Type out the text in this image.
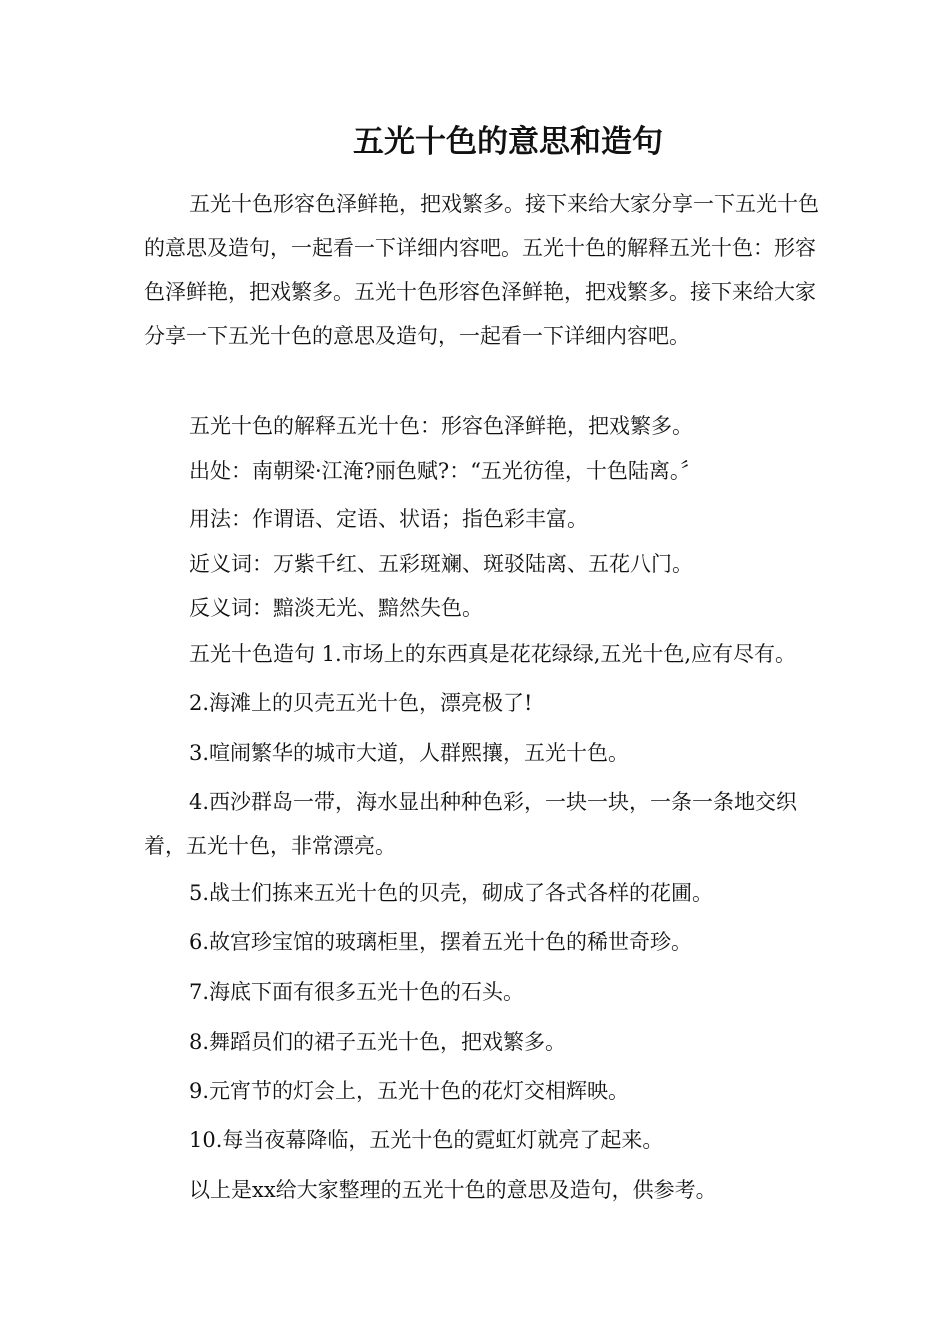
五光十色的意思和造句

五光十色形容色泽鲜艳，把戏繁多。接下来给大家分享一下五光十色的意思及造句，一起看一下详细内容吧。五光十色的解释五光十色：形容色泽鲜艳，把戏繁多。五光十色形容色泽鲜艳，把戏繁多。接下来给大家分享一下五光十色的意思及造句，一起看一下详细内容吧。

五光十色的解释五光十色：形容色泽鲜艳，把戏繁多。

出处：南朝梁·江淹?丽色赋?：“五光彷徨，十色陆离。〞

用法：作谓语、定语、状语；指色彩丰富。

近义词：万紫千红、五彩斑斓、斑驳陆离、五花八门。

反义词：黯淡无光、黯然失色。

五光十色造句 1.市场上的东西真是花花绿绿,五光十色,应有尽有。

2.海滩上的贝壳五光十色，漂亮极了!

3.喧闹繁华的城市大道，人群熙攘，五光十色。

4.西沙群岛一带，海水显出种种色彩，一块一块，一条一条地交织着，五光十色，非常漂亮。

5.战士们拣来五光十色的贝壳，砌成了各式各样的花圃。

6.故宫珍宝馆的玻璃柜里，摆着五光十色的稀世奇珍。

7.海底下面有很多五光十色的石头。

8.舞蹈员们的裙子五光十色，把戏繁多。

9.元宵节的灯会上，五光十色的花灯交相辉映。

10.每当夜幕降临，五光十色的霓虹灯就亮了起来。

以上是xx给大家整理的五光十色的意思及造句，供参考。
